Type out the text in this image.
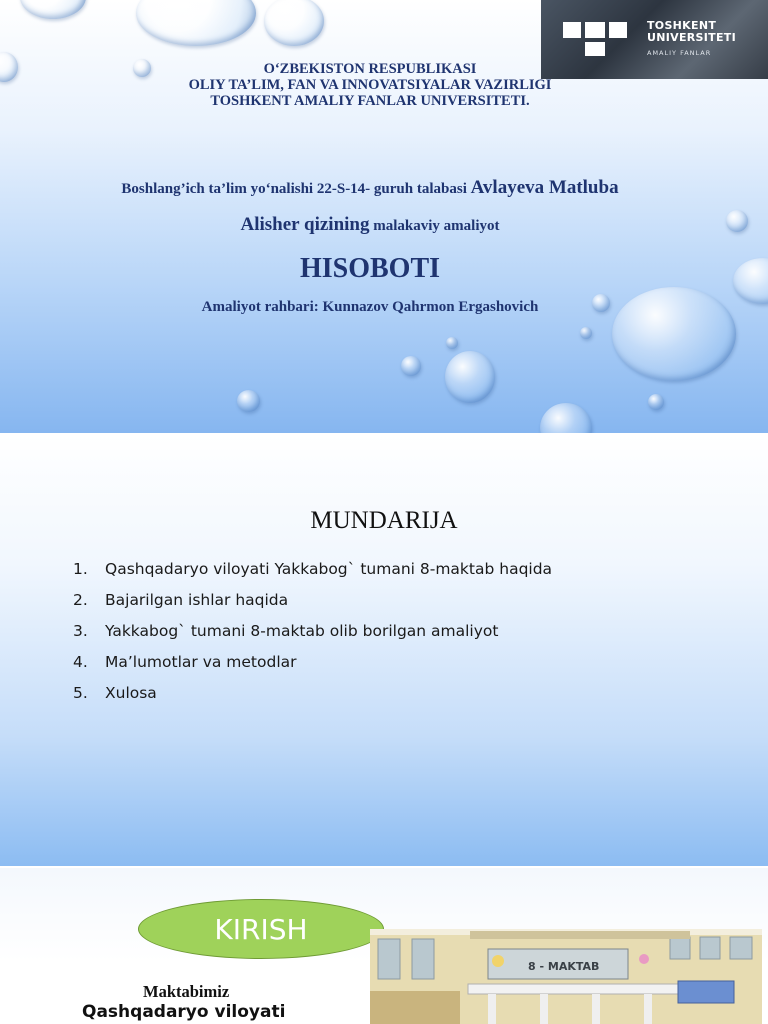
TOSHKENT
UNIVERSITETI
AMALIY FANLAR
O‘ZBEKISTON RESPUBLIKASI
OLIY TA’LIM, FAN VA INNOVATSIYALAR VAZIRLIGI
TOSHKENT AMALIY FANLAR UNIVERSITETI.
Boshlang’ich ta’lim yo‘nalishi 22-S-14- guruh talabasi Avlayeva Matluba
Alisher qizining malakaviy amaliyot
HISOBOTI
Amaliyot rahbari: Kunnazov Qahrmon Ergashovich
MUNDARIJA
1. Qashqadaryo viloyati Yakkabog` tumani 8-maktab haqida
2. Bajarilgan ishlar haqida
3. Yakkabog` tumani 8-maktab olib borilgan amaliyot
4. Ma’lumotlar va metodlar
5. Xulosa
KIRISH
Maktabimiz
Qashqadaryo viloyati
8 - MAKTAB
